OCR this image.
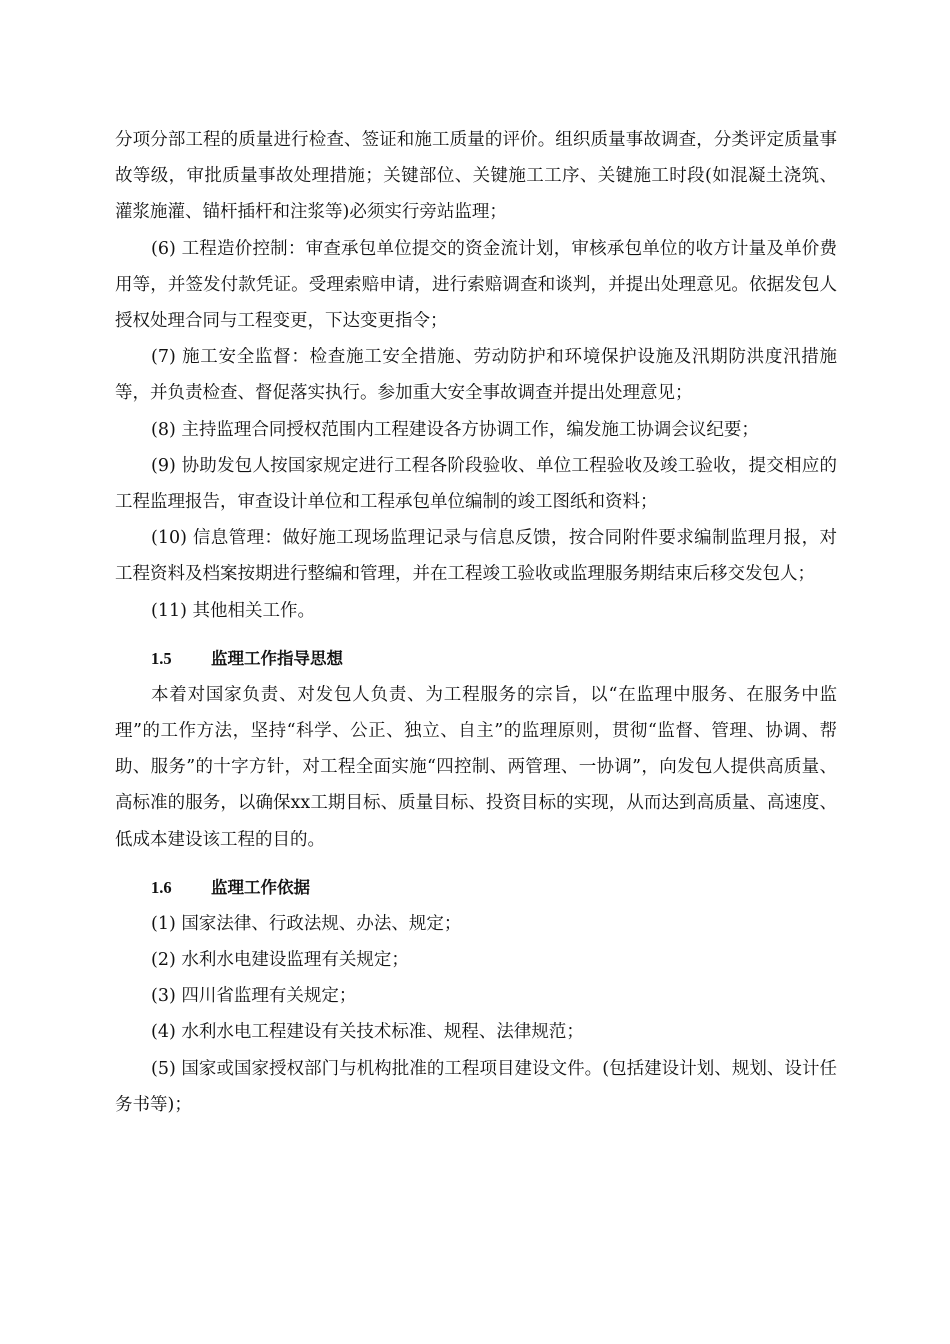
分项分部工程的质量进行检查、签证和施工质量的评价。组织质量事故调查，分类评定质量事故等级，审批质量事故处理措施；关键部位、关键施工工序、关键施工时段(如混凝土浇筑、灌浆施灌、锚杆插杆和注浆等)必须实行旁站监理；

(6) 工程造价控制：审查承包单位提交的资金流计划，审核承包单位的收方计量及单价费用等，并签发付款凭证。受理索赔申请，进行索赔调查和谈判，并提出处理意见。依据发包人授权处理合同与工程变更，下达变更指令；

(7) 施工安全监督：检查施工安全措施、劳动防护和环境保护设施及汛期防洪度汛措施等，并负责检查、督促落实执行。参加重大安全事故调查并提出处理意见；

(8) 主持监理合同授权范围内工程建设各方协调工作，编发施工协调会议纪要；

(9) 协助发包人按国家规定进行工程各阶段验收、单位工程验收及竣工验收，提交相应的工程监理报告，审查设计单位和工程承包单位编制的竣工图纸和资料；

(10) 信息管理：做好施工现场监理记录与信息反馈，按合同附件要求编制监理月报，对工程资料及档案按期进行整编和管理，并在工程竣工验收或监理服务期结束后移交发包人；

(11) 其他相关工作。

1.5 监理工作指导思想

本着对国家负责、对发包人负责、为工程服务的宗旨，以“在监理中服务、在服务中监理”的工作方法，坚持“科学、公正、独立、自主”的监理原则，贯彻“监督、管理、协调、帮助、服务”的十字方针，对工程全面实施“四控制、两管理、一协调”，向发包人提供高质量、高标准的服务，以确保xx工期目标、质量目标、投资目标的实现，从而达到高质量、高速度、低成本建设该工程的目的。

1.6 监理工作依据

(1) 国家法律、行政法规、办法、规定；

(2) 水利水电建设监理有关规定；

(3) 四川省监理有关规定；

(4) 水利水电工程建设有关技术标准、规程、法律规范；

(5) 国家或国家授权部门与机构批准的工程项目建设文件。(包括建设计划、规划、设计任务书等)；
